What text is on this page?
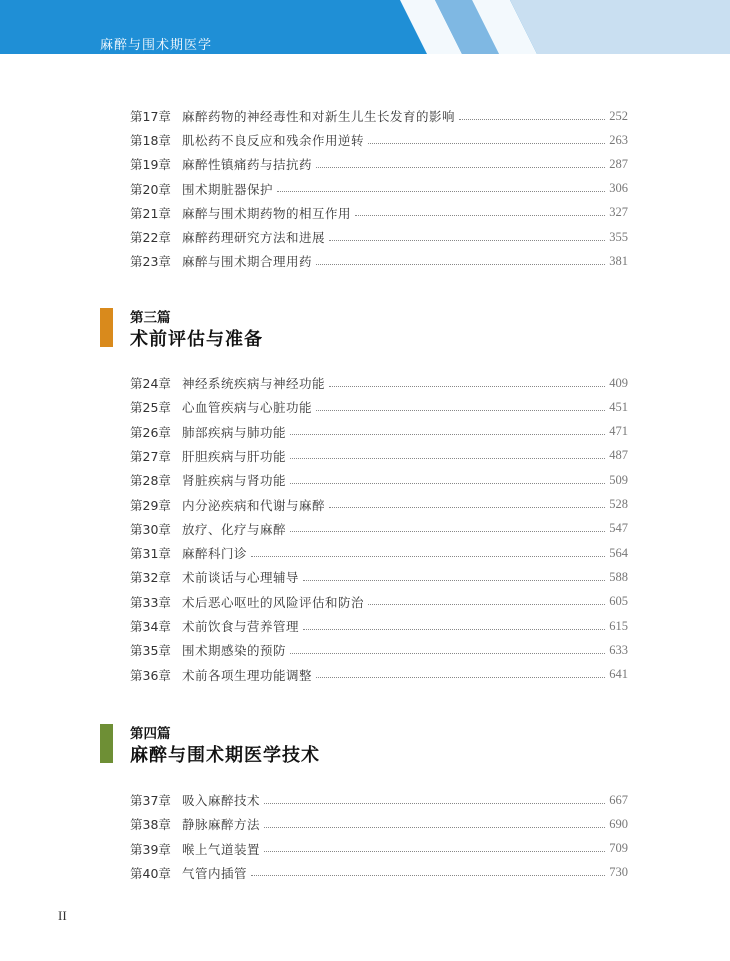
麻醉与围术期医学
第17章 麻醉药物的神经毒性和对新生儿生长发育的影响	252
第18章 肌松药不良反应和残余作用逆转	263
第19章 麻醉性镇痛药与拮抗药	287
第20章 围术期脏器保护	306
第21章 麻醉与围术期药物的相互作用	327
第22章 麻醉药理研究方法和进展	355
第23章 麻醉与围术期合理用药	381
第三篇
术前评估与准备
第24章 神经系统疾病与神经功能	409
第25章 心血管疾病与心脏功能	451
第26章 肺部疾病与肺功能	471
第27章 肝胆疾病与肝功能	487
第28章 肾脏疾病与肾功能	509
第29章 内分泌疾病和代谢与麻醉	528
第30章 放疗、化疗与麻醉	547
第31章 麻醉科门诊	564
第32章 术前谈话与心理辅导	588
第33章 术后恶心呕吐的风险评估和防治	605
第34章 术前饮食与营养管理	615
第35章 围术期感染的预防	633
第36章 术前各项生理功能调整	641
第四篇
麻醉与围术期医学技术
第37章 吸入麻醉技术	667
第38章 静脉麻醉方法	690
第39章 喉上气道装置	709
第40章 气管内插管	730
II
